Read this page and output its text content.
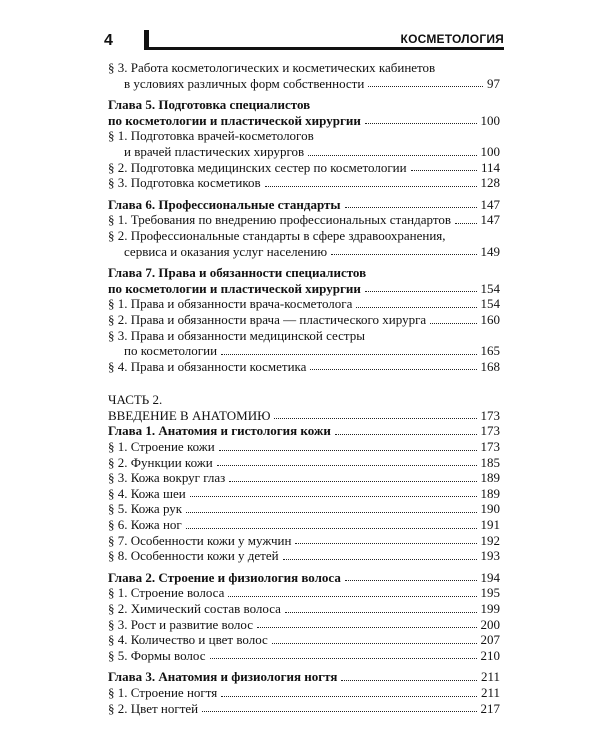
4	КОСМЕТОЛОГИЯ
§ 3. Работа косметологических и косметических кабинетов
в условиях различных форм собственности	97
Глава 5. Подготовка специалистов
по косметологии и пластической хирургии	100
§ 1. Подготовка врачей-косметологов
и врачей пластических хирургов	100
§ 2. Подготовка медицинских сестер по косметологии	114
§ 3. Подготовка косметиков	128
Глава 6. Профессиональные стандарты	147
§ 1. Требования по внедрению профессиональных стандартов 147
§ 2. Профессиональные стандарты в сфере здравоохранения,
сервиса и оказания услуг населению	149
Глава 7. Права и обязанности специалистов
по косметологии и пластической хирургии	154
§ 1. Права и обязанности врача-косметолога	154
§ 2. Права и обязанности врача — пластического хирурга	160
§ 3. Права и обязанности медицинской сестры
по косметологии	165
§ 4. Права и обязанности косметика	168
ЧАСТЬ 2.
ВВЕДЕНИЕ В АНАТОМИЮ	173
Глава 1. Анатомия и гистология кожи	173
§ 1. Строение кожи	173
§ 2. Функции кожи	185
§ 3. Кожа вокруг глаз	189
§ 4. Кожа шеи	189
§ 5. Кожа рук	190
§ 6. Кожа ног	191
§ 7. Особенности кожи у мужчин	192
§ 8. Особенности кожи у детей	193
Глава 2. Строение и физиология волоса	194
§ 1. Строение волоса	195
§ 2. Химический состав волоса	199
§ 3. Рост и развитие волос	200
§ 4. Количество и цвет волос	207
§ 5. Формы волос	210
Глава 3. Анатомия и физиология ногтя	211
§ 1. Строение ногтя	211
§ 2. Цвет ногтей	217
